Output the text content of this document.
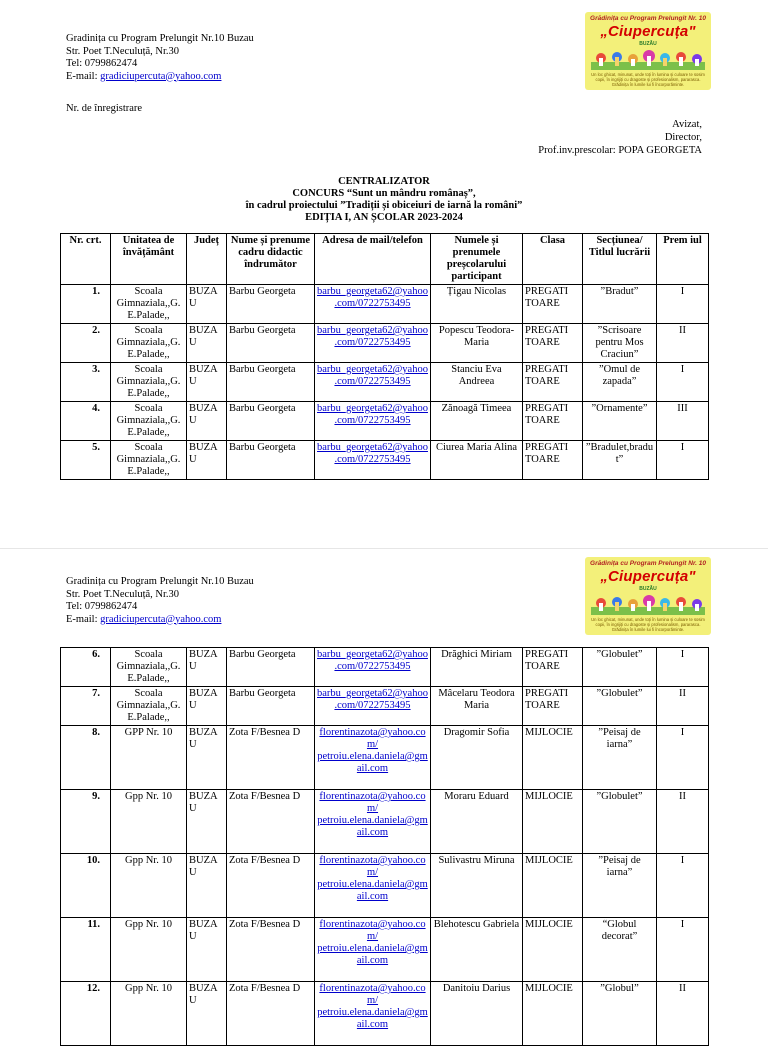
Gradinița cu Program Prelungit Nr.10 Buzau
Str. Poet T.Neculuță, Nr.30
Tel: 0799862474
E-mail: gradiciupercuta@yahoo.com
Grădinița cu Program Prelungit Nr. 10
„Ciupercuța"
BUZĂU
Un loc ghicat, minunat, unde toți în lumina și culoare te sosim copii, în ingrijiți cu dragoste și profesionalism, pararasca. Grădinița în lumile lui fi încorporăminte.
Nr. de înregistrare
Avizat,
Director,
Prof.inv.prescolar: POPA GEORGETA
CENTRALIZATOR
CONCURS “Sunt un mândru românaș”,
în cadrul proiectului ”Tradiții și obiceiuri de iarnă la români”
EDIȚIA I, AN ȘCOLAR 2023-2024
Nr. crt.	Unitatea de învățământ	Județ	Nume și prenume cadru didactic îndrumător	Adresa de mail/telefon	Numele și prenumele preșcolarului participant	Clasa	Secțiunea/ Titlul lucrării	Prem iul
1.	Scoala Gimnaziala,,G. E.Palade,,	BUZAU	Barbu Georgeta	barbu_georgeta62@yahoo.com/0722753495	Țigau Nicolas	PREGATI TOARE	”Bradut”	I
2.	Scoala Gimnaziala,,G. E.Palade,,	BUZAU	Barbu Georgeta	barbu_georgeta62@yahoo.com/0722753495	Popescu Teodora-Maria	PREGATI TOARE	”Scrisoare pentru Mos Craciun”	II
3.	Scoala Gimnaziala,,G. E.Palade,,	BUZAU	Barbu Georgeta	barbu_georgeta62@yahoo.com/0722753495	Stanciu Eva Andreea	PREGATI TOARE	”Omul de zapada”	I
4.	Scoala Gimnaziala,,G. E.Palade,,	BUZAU	Barbu Georgeta	barbu_georgeta62@yahoo.com/0722753495	Zănoagă Timeea	PREGATI TOARE	”Ornamente”	III
5.	Scoala Gimnaziala,,G. E.Palade,,	BUZAU	Barbu Georgeta	barbu_georgeta62@yahoo.com/0722753495	Ciurea Maria Alina	PREGATI TOARE	”Bradulet,bradut”	I
Gradinița cu Program Prelungit Nr.10 Buzau
Str. Poet T.Neculuță, Nr.30
Tel: 0799862474
E-mail: gradiciupercuta@yahoo.com
Grădinița cu Program Prelungit Nr. 10
„Ciupercuța"
BUZĂU
Un loc ghicat, minunat, unde toți în lumina și culoare te sosim copii, în ingrijiți cu dragoste și profesionalism, pararasca. Grădinița în lumile lui fi încorporăminte.
6.	Scoala Gimnaziala,,G. E.Palade,,	BUZAU	Barbu Georgeta	barbu_georgeta62@yahoo.com/0722753495	Drăghici Miriam	PREGATI TOARE	”Globulet”	I
7.	Scoala Gimnaziala,,G. E.Palade,,	BUZAU	Barbu Georgeta	barbu_georgeta62@yahoo.com/0722753495	Mâcelaru Teodora Maria	PREGATI TOARE	”Globulet”	II
8.	GPP Nr. 10	BUZAU	Zota F/Besnea D	florentinazota@yahoo.com/ petroiu.elena.daniela@gmail.com	Dragomir Sofia	MIJLOCIE	”Peisaj de iarna”	I
9.	Gpp Nr. 10	BUZAU	Zota F/Besnea D	florentinazota@yahoo.com/ petroiu.elena.daniela@gmail.com	Moraru Eduard	MIJLOCIE	”Globulet”	II
10.	Gpp Nr. 10	BUZAU	Zota F/Besnea D	florentinazota@yahoo.com/ petroiu.elena.daniela@gmail.com	Sulivastru Miruna	MIJLOCIE	”Peisaj de iarna”	I
11.	Gpp Nr. 10	BUZAU	Zota F/Besnea D	florentinazota@yahoo.com/ petroiu.elena.daniela@gmail.com	Blehotescu Gabriela	MIJLOCIE	“Globul decorat”	I
12.	Gpp Nr. 10	BUZAU	Zota F/Besnea D	florentinazota@yahoo.com/ petroiu.elena.daniela@gmail.com	Danitoiu Darius	MIJLOCIE	”Globul”	II
